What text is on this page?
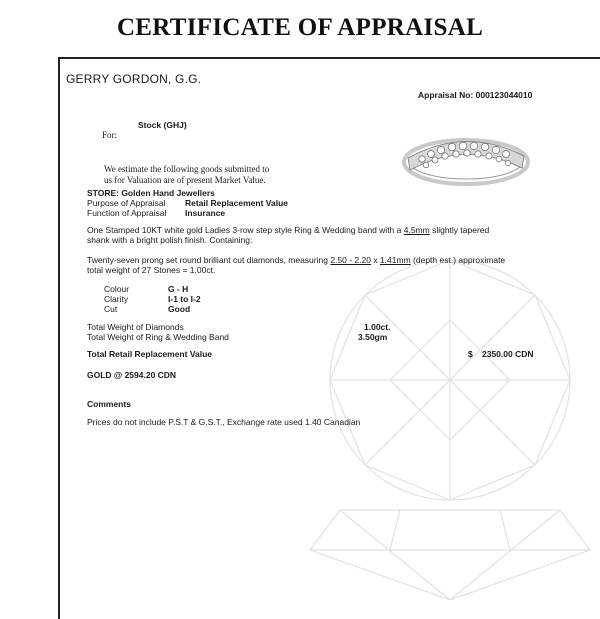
CERTIFICATE OF APPRAISAL
GERRY GORDON, G.G.
Appraisal No: 000123044010
Stock (GHJ)
For:
We estimate the following goods submitted to
us for Valuation are of present Market Value.
STORE: Golden Hand Jewellers
Purpose of Appraisal Retail Replacement Value
Function of Appraisal Insurance
One Stamped 10KT white gold Ladies 3-row step style Ring & Wedding band with a 4.5mm slightly tapered
shank with a bright polish finish. Containing:
Twenty-seven prong set round brilliant cut diamonds, measuring 2.50 - 2.20 x 1.41mm (depth est.) approximate
total weight of 27 Stones = 1.00ct.
Colour	G - H
Clarity	I-1 to I-2
Cut	Good
Total Weight of Diamonds	1.00ct.
Total Weight of Ring & Wedding Band	3.50gm
Total Retail Replacement Value	$ 2350.00 CDN
GOLD @ 2594.20 CDN
Comments
Prices do not include P.S.T & G.S.T., Exchange rate used 1.40 Canadian
